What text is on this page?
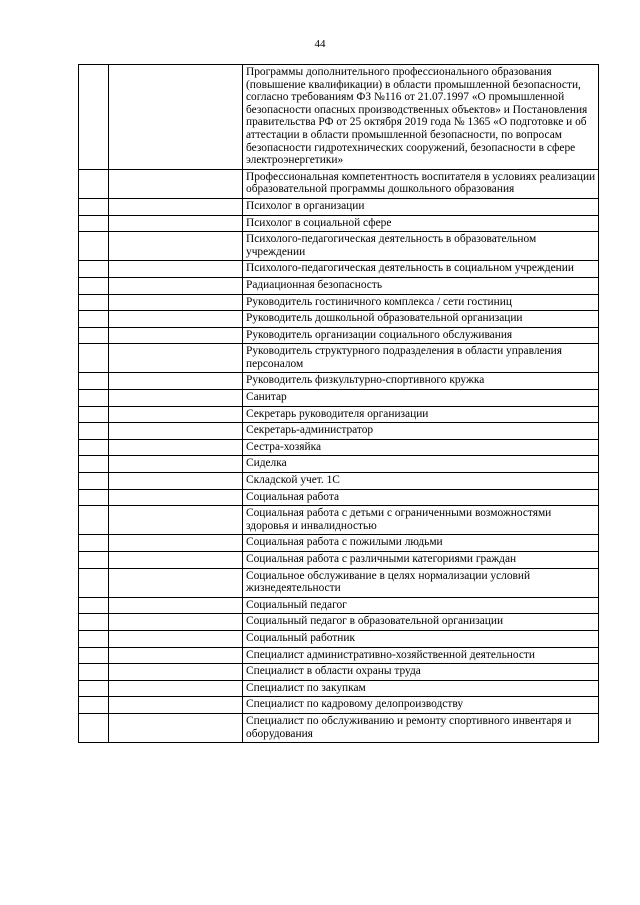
44
		Программы дополнительного профессионального образования (повышение квалификации) в области промышленной безопасности, согласно требованиям ФЗ №116 от 21.07.1997 «О промышленной безопасности опасных производственных объектов» и Постановления правительства РФ от 25 октября 2019 года № 1365 «О подготовке и об аттестации в области промышленной безопасности, по вопросам безопасности гидротехнических сооружений, безопасности в сфере электроэнергетики»
		Профессиональная компетентность воспитателя в условиях реализации образовательной программы дошкольного образования
		Психолог в организации
		Психолог в социальной сфере
		Психолого-педагогическая деятельность в образовательном учреждении
		Психолого-педагогическая деятельность в социальном учреждении
		Радиационная безопасность
		Руководитель гостиничного комплекса / сети гостиниц
		Руководитель дошкольной образовательной организации
		Руководитель организации социального обслуживания
		Руководитель структурного подразделения в области управления персоналом
		Руководитель физкультурно-спортивного кружка
		Санитар
		Секретарь руководителя организации
		Секретарь-администратор
		Сестра-хозяйка
		Сиделка
		Складской учет. 1С
		Социальная работа
		Социальная работа с детьми с ограниченными возможностями здоровья и инвалидностью
		Социальная работа с пожилыми людьми
		Социальная работа с различными категориями граждан
		Социальное обслуживание в целях нормализации условий жизнедеятельности
		Социальный педагог
		Социальный педагог в образовательной организации
		Социальный работник
		Специалист административно-хозяйственной деятельности
		Специалист в области охраны труда
		Специалист по закупкам
		Специалист по кадровому делопроизводству
		Специалист по обслуживанию и ремонту спортивного инвентаря и оборудования
